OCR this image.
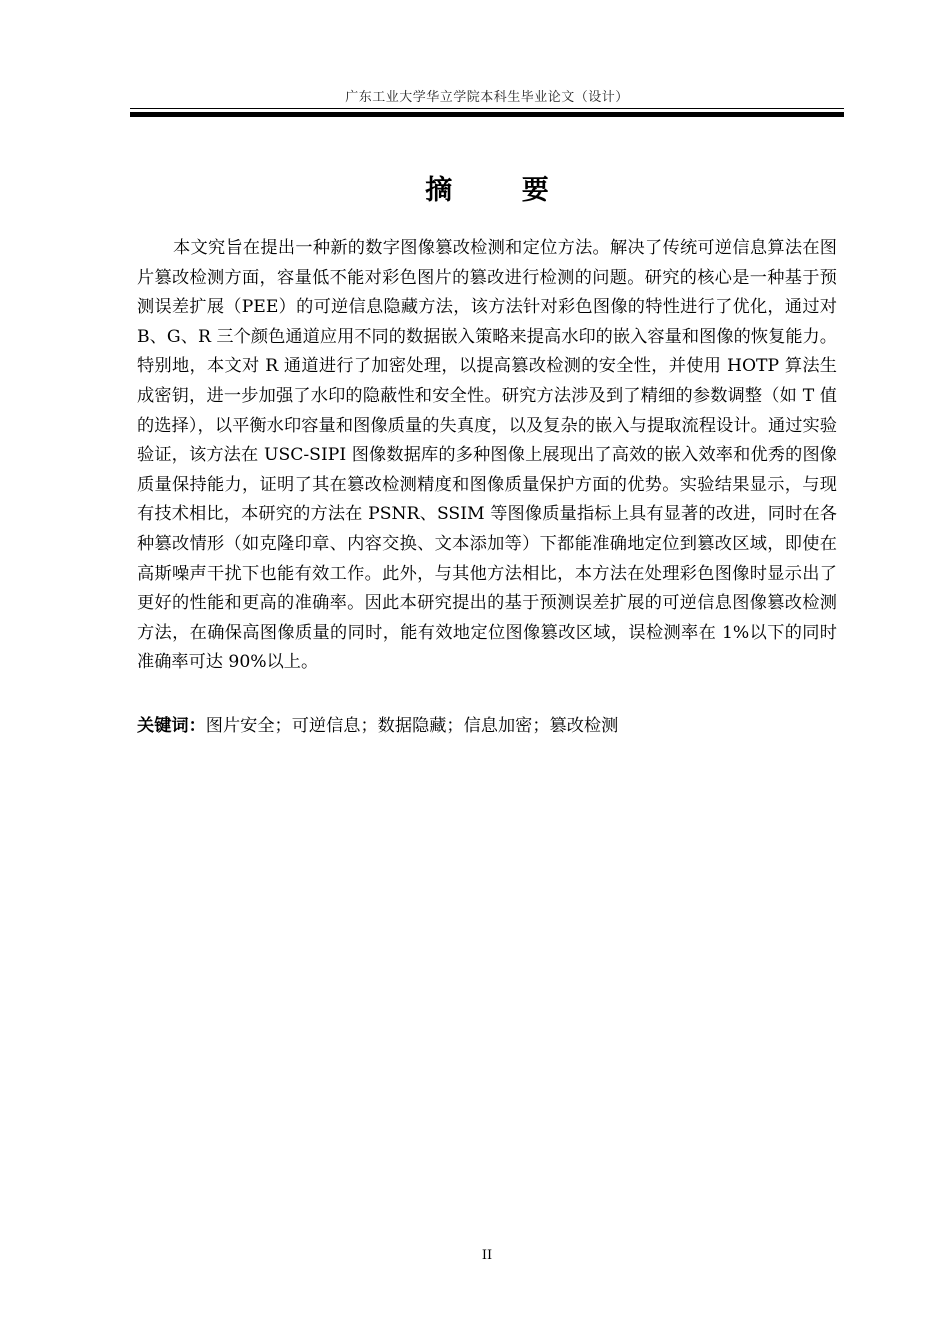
广东工业大学华立学院本科生毕业论文（设计）
摘 要

本文究旨在提出一种新的数字图像篡改检测和定位方法。解决了传统可逆信息算法在图片篡改检测方面，容量低不能对彩色图片的篡改进行检测的问题。研究的核心是一种基于预测误差扩展（PEE）的可逆信息隐藏方法，该方法针对彩色图像的特性进行了优化，通过对 B、G、R 三个颜色通道应用不同的数据嵌入策略来提高水印的嵌入容量和图像的恢复能力。特别地，本文对 R 通道进行了加密处理，以提高篡改检测的安全性，并使用 HOTP 算法生成密钥，进一步加强了水印的隐蔽性和安全性。研究方法涉及到了精细的参数调整（如 T 值的选择），以平衡水印容量和图像质量的失真度，以及复杂的嵌入与提取流程设计。通过实验验证，该方法在 USC-SIPI 图像数据库的多种图像上展现出了高效的嵌入效率和优秀的图像质量保持能力，证明了其在篡改检测精度和图像质量保护方面的优势。实验结果显示，与现有技术相比，本研究的方法在 PSNR、SSIM 等图像质量指标上具有显著的改进，同时在各种篡改情形（如克隆印章、内容交换、文本添加等）下都能准确地定位到篡改区域，即使在高斯噪声干扰下也能有效工作。此外，与其他方法相比，本方法在处理彩色图像时显示出了更好的性能和更高的准确率。因此本研究提出的基于预测误差扩展的可逆信息图像篡改检测方法，在确保高图像质量的同时，能有效地定位图像篡改区域，误检测率在 1%以下的同时准确率可达 90%以上。

关键词：图片安全；可逆信息；数据隐藏；信息加密；篡改检测

II
